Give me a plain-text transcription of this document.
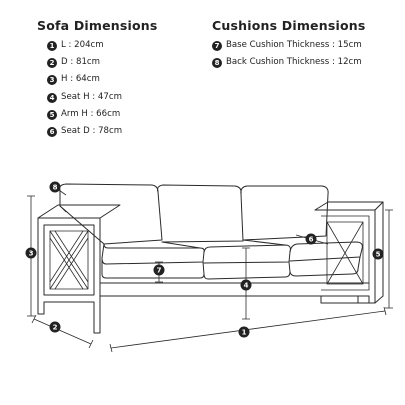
Sofa Dimensions	Cushions Dimensions
1 L : 204cm
2 D : 81cm
3 H : 64cm
4 Seat H : 47cm
5 Arm H : 66cm
6 Seat D : 78cm
7 Base Cushion Thickness : 15cm
8 Back Cushion Thickness : 12cm
3
2
1
5
4
7
6
8
